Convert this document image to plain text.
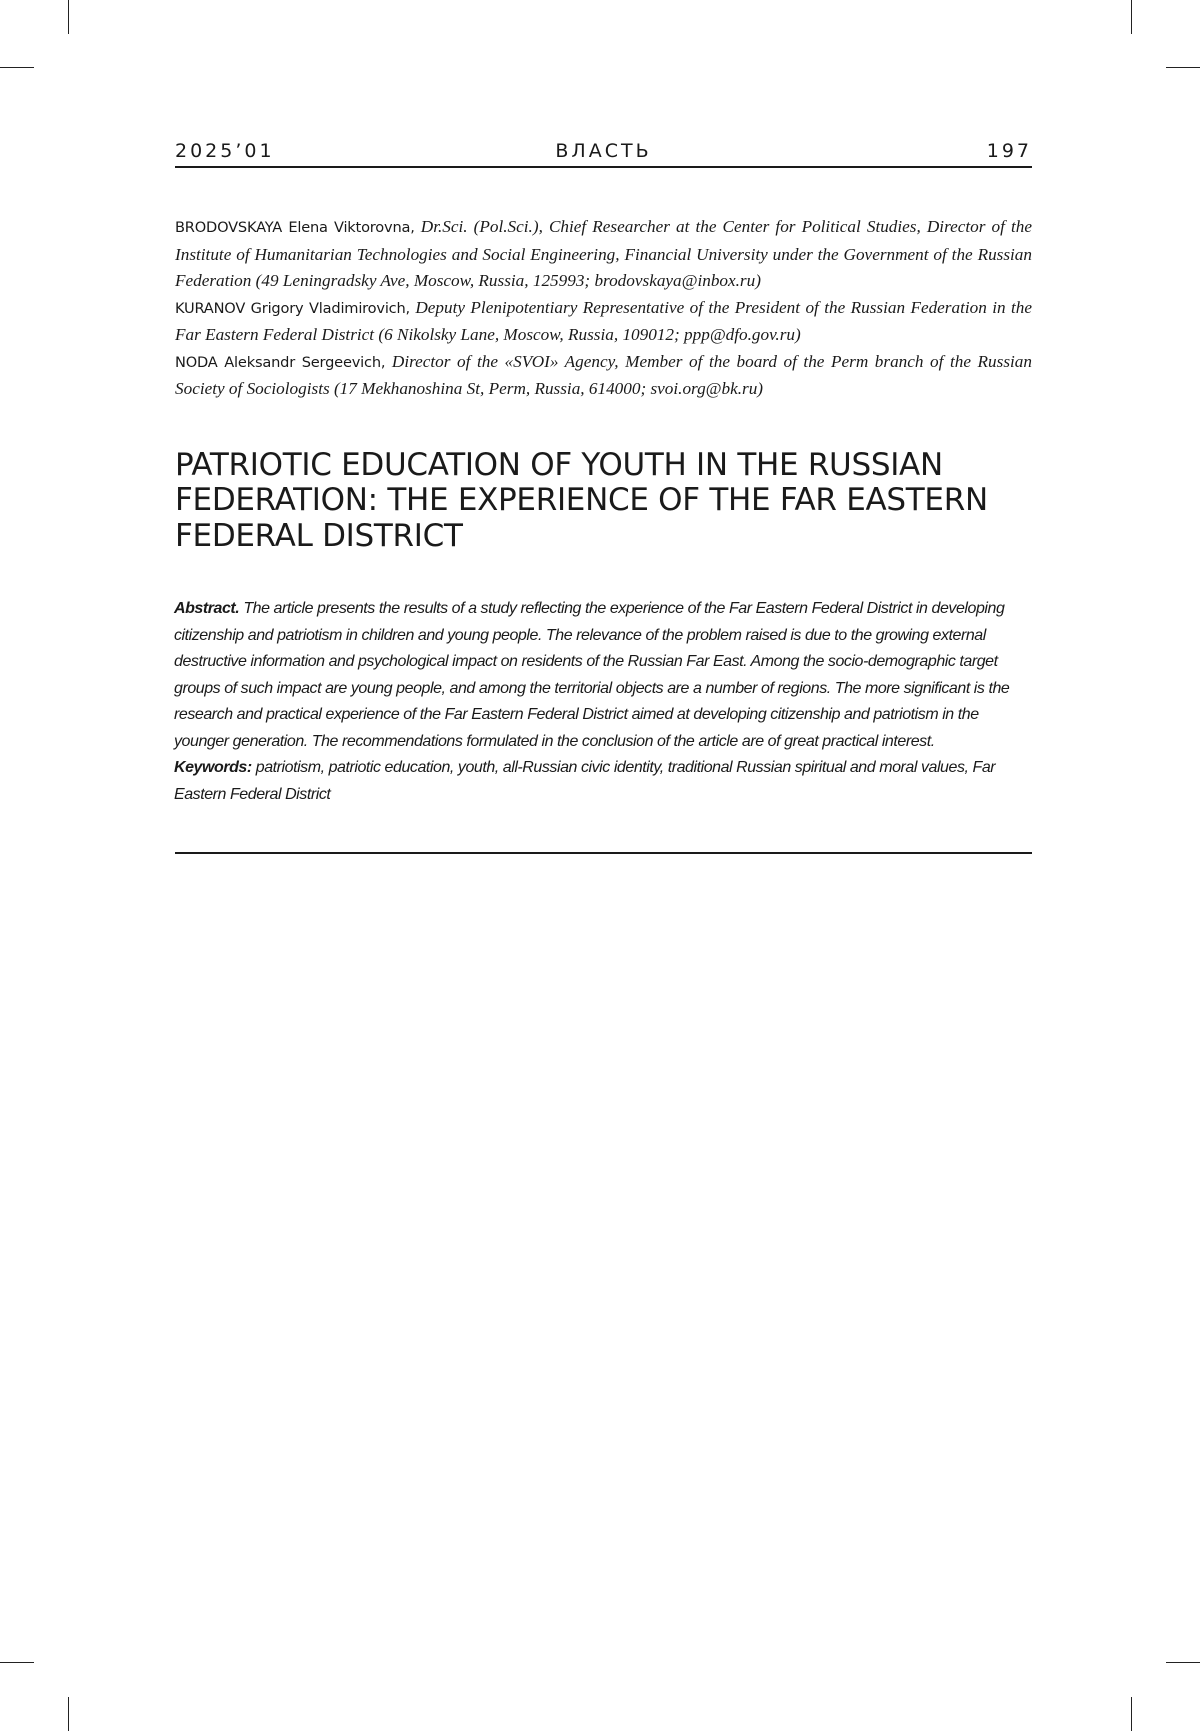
2025’01	ВЛАСТЬ	197

BRODOVSKAYA Elena Viktorovna, Dr.Sci. (Pol.Sci.), Chief Researcher at the Center for Political Studies, Director of the Institute of Humanitarian Technologies and Social Engineering, Financial University under the Government of the Russian Federation (49 Leningradsky Ave, Moscow, Russia, 125993; brodovskaya@inbox.ru)

KURANOV Grigory Vladimirovich, Deputy Plenipotentiary Representative of the President of the Russian Federation in the Far Eastern Federal District (6 Nikolsky Lane, Moscow, Russia, 109012; ppp@dfo.gov.ru)

NODA Aleksandr Sergeevich, Director of the «SVOI» Agency, Member of the board of the Perm branch of the Russian Society of Sociologists (17 Mekhanoshina St, Perm, Russia, 614000; svoi.org@bk.ru)

PATRIOTIC EDUCATION OF YOUTH IN THE RUSSIAN FEDERATION: THE EXPERIENCE OF THE FAR EASTERN FEDERAL DISTRICT

Abstract. The article presents the results of a study reflecting the experience of the Far Eastern Federal District in developing citizenship and patriotism in children and young people. The relevance of the problem raised is due to the growing external destructive information and psychological impact on residents of the Russian Far East. Among the socio-demographic target groups of such impact are young people, and among the territorial objects are a number of regions. The more significant is the research and practical experience of the Far Eastern Federal District aimed at developing citizenship and patriotism in the younger generation. The recommendations formulated in the conclusion of the article are of great practical interest.

Keywords: patriotism, patriotic education, youth, all-Russian civic identity, traditional Russian spiritual and moral values, Far Eastern Federal District
